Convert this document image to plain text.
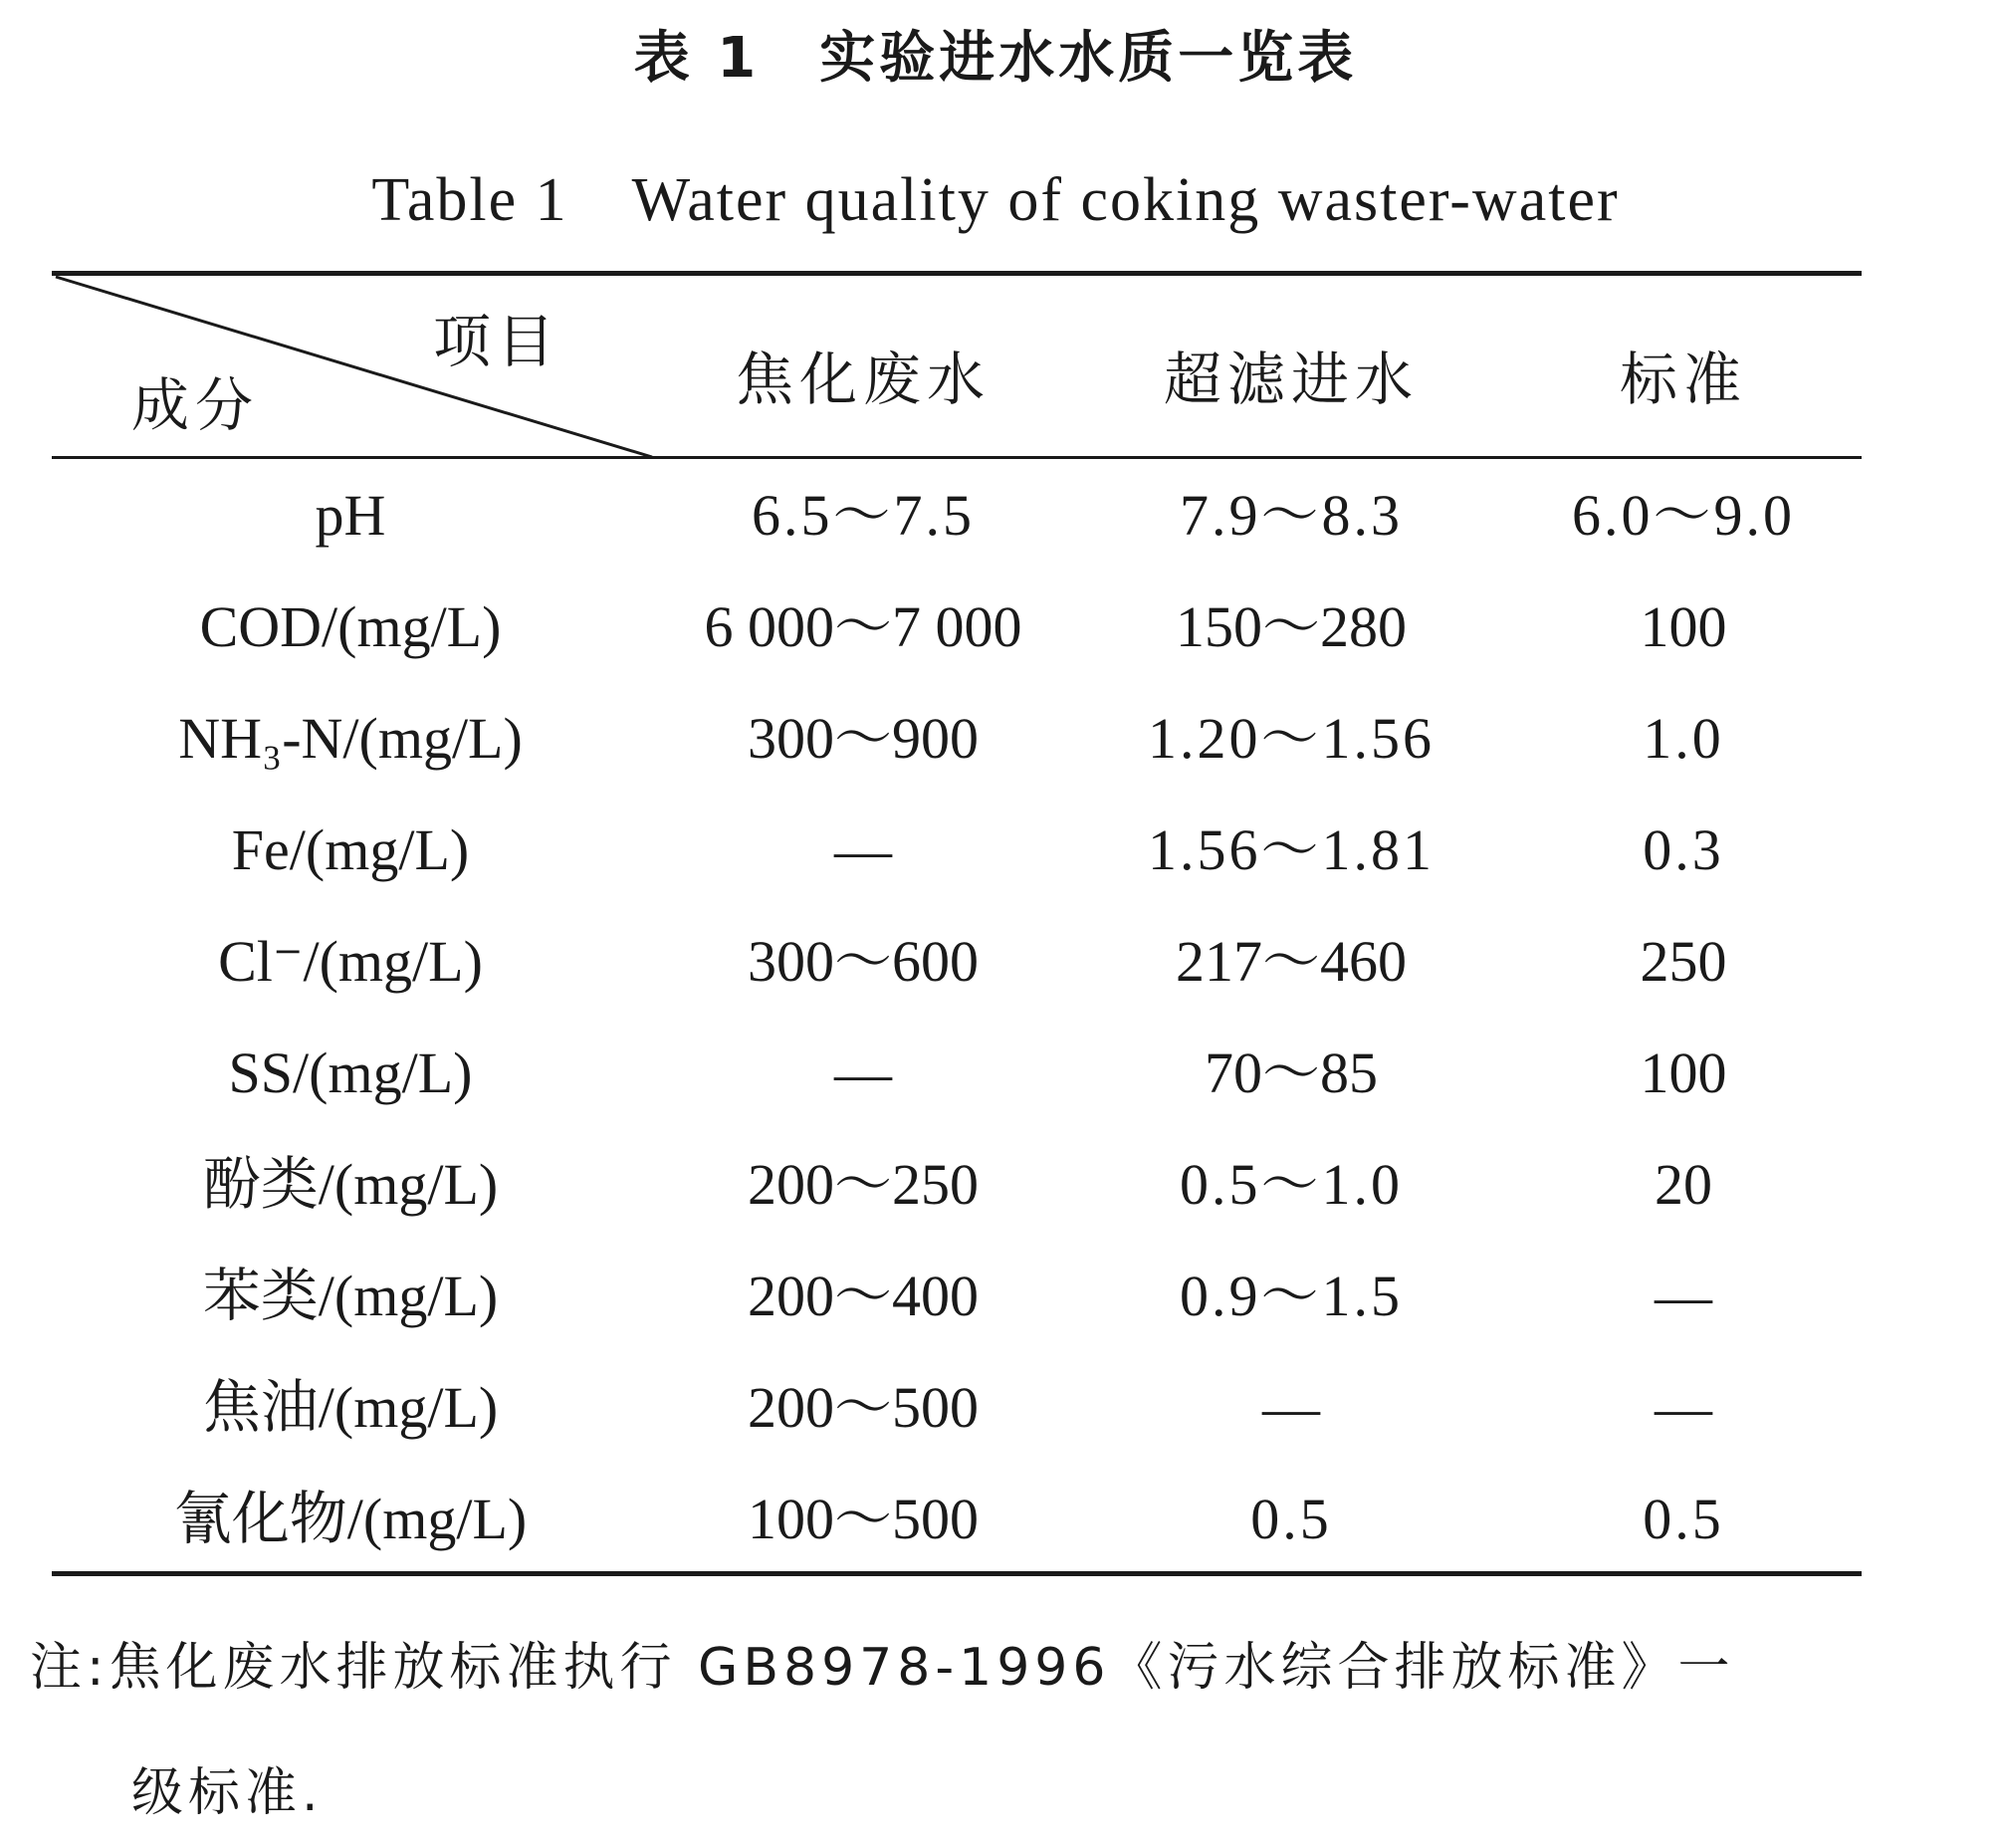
表 1　实验进水水质一览表
Table 1　Water quality of coking waster-water
项目
成分	焦化废水	超滤进水	标准
pH	6.5～7.5	7.9～8.3	6.0～9.0
COD/(mg/L)	6 000～7 000	150～280	100
NH₃-N/(mg/L)	300～900	1.20～1.56	1.0
Fe/(mg/L)	—	1.56～1.81	0.3
Cl⁻/(mg/L)	300～600	217～460	250
SS/(mg/L)	—	70～85	100
酚类/(mg/L)	200～250	0.5～1.0	20
苯类/(mg/L)	200～400	0.9～1.5	—
焦油/(mg/L)	200～500	—	—
氰化物/(mg/L)	100～500	0.5	0.5
注:焦化废水排放标准执行 GB8978-1996《污水综合排放标准》一
级标准.
